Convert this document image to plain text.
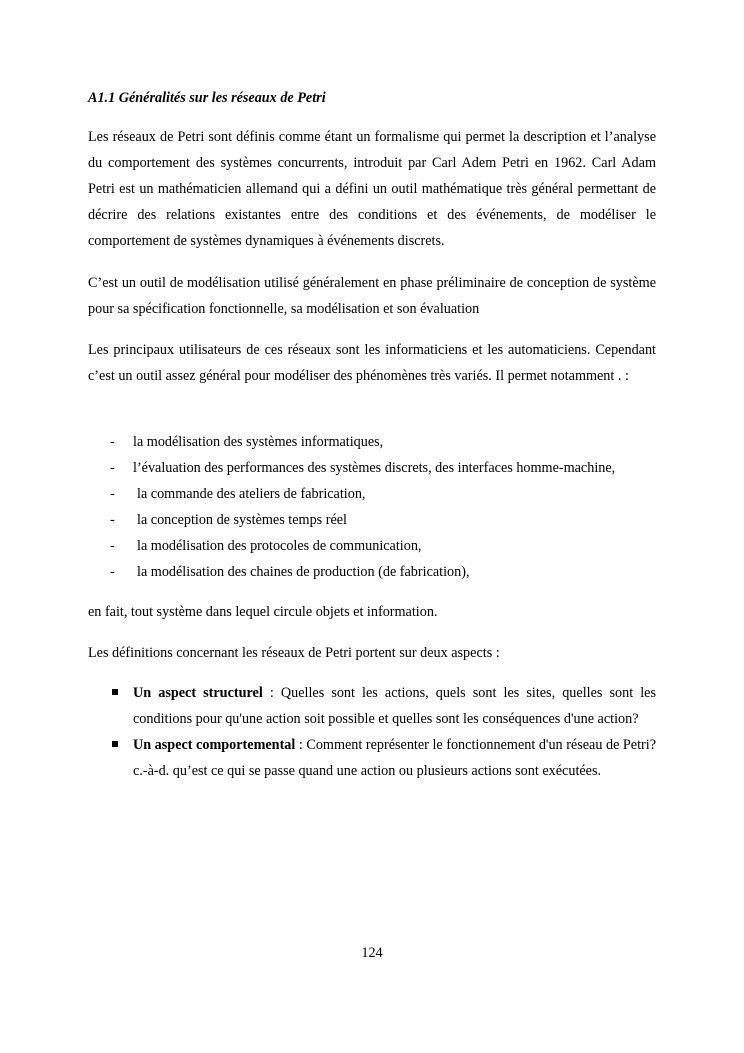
A1.1 Généralités sur les réseaux de Petri

Les réseaux de Petri sont définis comme étant un formalisme qui permet la description et l’analyse du comportement des systèmes concurrents, introduit par Carl Adem Petri en 1962. Carl Adam Petri est un mathématicien allemand qui a défini un outil mathématique très général permettant de décrire des relations existantes entre des conditions et des événements, de modéliser le comportement de systèmes dynamiques à événements discrets.

C’est un outil de modélisation utilisé généralement en phase préliminaire de conception de système pour sa spécification fonctionnelle, sa modélisation et son évaluation

Les principaux utilisateurs de ces réseaux sont les informaticiens et les automaticiens. Cependant c’est un outil assez général pour modéliser des phénomènes très variés. Il permet notamment . :

- la modélisation des systèmes informatiques,
- l’évaluation des performances des systèmes discrets, des interfaces homme-machine,
- la commande des ateliers de fabrication,
- la conception de systèmes temps réel
- la modélisation des protocoles de communication,
- la modélisation des chaines de production (de fabrication),

en fait, tout système dans lequel circule objets et information.

Les définitions concernant les réseaux de Petri portent sur deux aspects :

Un aspect structurel : Quelles sont les actions, quels sont les sites, quelles sont les conditions pour qu'une action soit possible et quelles sont les conséquences d'une action?
Un aspect comportemental : Comment représenter le fonctionnement d'un réseau de Petri? c.-à-d. qu’est ce qui se passe quand une action ou plusieurs actions sont exécutées.
124
